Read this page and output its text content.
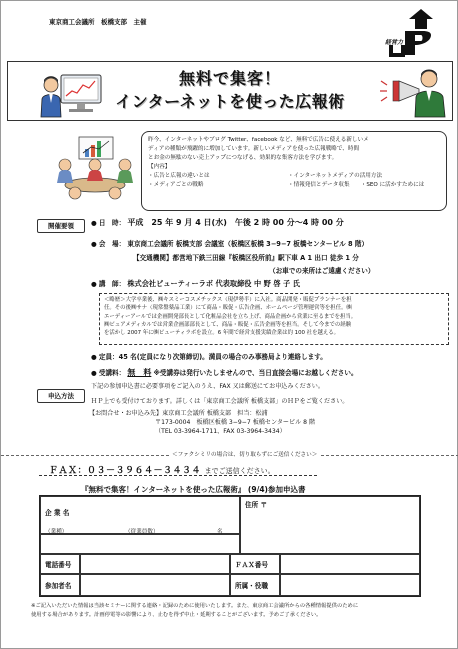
東京商工会議所　板橋支部　主催
経営力
無料で集客！
インターネットを使った広報術
昨今、インターネットやブログ Twitter、facebook など、無料で広告に使える新しいメ
ディアの種類が飛躍的に増加しています。新しいメディアを使った広報戦略で、時間
とお金の無駄のない売上アップにつなげる、効果的な集客方法を学びます。
【内容】
・広告と広報の違いとは	・インターネットメディアの活用方法
・メディアごとの戦略	・情報発信とデータ収集　　・SEO に活かすためには
開催要領	● 日　時： 平成　25 年 9 月 4 日(水)　午後 2 時 00 分～4 時 00 分
● 会　場： 東京商工会議所 板橋支部 会議室（板橋区板橋 3−9−7 板橋センタービル 8 階）
【交通機関】都営地下鉄三田線『板橋区役所前』駅下車 A 1 出口 徒歩 1 分
（お車での来所はご遠慮ください）
● 講　師： 株式会社ビューティーラボ 代表取締役 中 野 啓 子 氏
＜略歴＞大学卒業後、㈱キスミーコスメチックス（現伊勢半）に入社。商品開発・販促プランナーを担
任。その後㈱サナ（現常盤薬品工業）にて商品・販促・広告企画、ホームページ管理運営等を担任。㈱
エーディーアールでは企画開発部長として化粧品会社を立ち上げ、商品企画から営業に至るまでを担当。
㈱ビュアメディカルでは営業企画部部長として、商品・販促・広告企画等を担当。そして今までの経験
を活かし 2007 年に㈱ビューティラボを設立。6 年間で経営支援実績企業は約 100 社を越える。
● 定員：45 名(定員になり次第締切)。満員の場合のみ事務局より連絡します。
● 受講料： 無　料 ※受講券は発行いたしませんので、当日直接会場にお越しください。
申込方法
下記の参加申込書に必要事項をご記入のうえ、FAX 又は郵送にてお申込みください。
ＨＰ上でも受付けております。詳しくは「東京商工会議所 板橋支部」のＨＰをご覧ください。
【お問合せ・お申込み先】東京商工会議所 板橋支部　担当：松浦
〒173-0004　板橋区板橋 3−9−7 板橋センタービル 8 階
（TEL 03-3964-1711、FAX 03-3964-3434）
＜ファクシミリの場合は、切り取らずにご送信ください＞
ＦＡＸ：０３－３９６４－３４３４ までご送信ください。
『無料で集客！インターネットを使った広報術』 (9/4)参加申込書
企 業 名
（業種）	（従業員数）	名
住所 〒
電話番号	ＦＡＸ番号
参加者名	所属・役職
※ご記入いただいた情報は当該セミナーに関する連絡・記録のために使用いたします。また、東京商工会議所からの各種情報提供のために
使用する場合があります。計画停電等の影響により、止むを得ず中止・延期することがございます。予めご了承ください。
